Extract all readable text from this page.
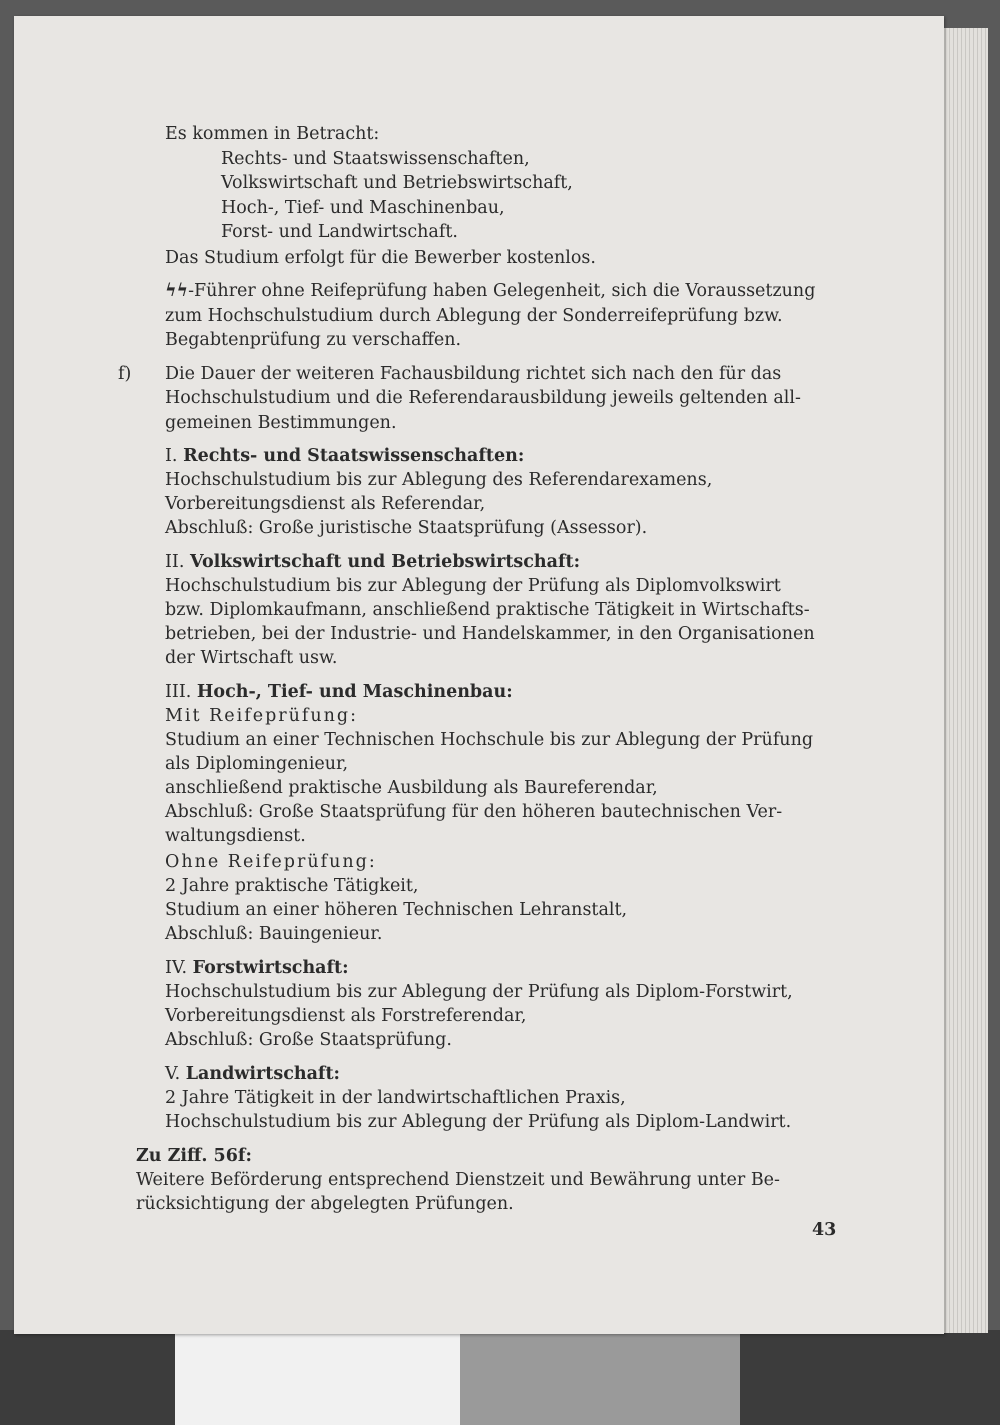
Es kommen in Betracht:
Rechts- und Staatswissenschaften,
Volkswirtschaft und Betriebswirtschaft,
Hoch-, Tief- und Maschinenbau,
Forst- und Landwirtschaft.
Das Studium erfolgt für die Bewerber kostenlos.
ϟϟ-Führer ohne Reifeprüfung haben Gelegenheit, sich die Voraussetzung
zum Hochschulstudium durch Ablegung der Sonderreifeprüfung bzw.
Begabtenprüfung zu verschaffen.
f) Die Dauer der weiteren Fachausbildung richtet sich nach den für das
Hochschulstudium und die Referendarausbildung jeweils geltenden all-
gemeinen Bestimmungen.
I. Rechts- und Staatswissenschaften:
Hochschulstudium bis zur Ablegung des Referendarexamens,
Vorbereitungsdienst als Referendar,
Abschluß: Große juristische Staatsprüfung (Assessor).
II. Volkswirtschaft und Betriebswirtschaft:
Hochschulstudium bis zur Ablegung der Prüfung als Diplomvolkswirt
bzw. Diplomkaufmann, anschließend praktische Tätigkeit in Wirtschafts-
betrieben, bei der Industrie- und Handelskammer, in den Organisationen
der Wirtschaft usw.
III. Hoch-, Tief- und Maschinenbau:
Mit Reifeprüfung:
Studium an einer Technischen Hochschule bis zur Ablegung der Prüfung
als Diplomingenieur,
anschließend praktische Ausbildung als Baureferendar,
Abschluß: Große Staatsprüfung für den höheren bautechnischen Ver-
waltungsdienst.
Ohne Reifeprüfung:
2 Jahre praktische Tätigkeit,
Studium an einer höheren Technischen Lehranstalt,
Abschluß: Bauingenieur.
IV. Forstwirtschaft:
Hochschulstudium bis zur Ablegung der Prüfung als Diplom-Forstwirt,
Vorbereitungsdienst als Forstreferendar,
Abschluß: Große Staatsprüfung.
V. Landwirtschaft:
2 Jahre Tätigkeit in der landwirtschaftlichen Praxis,
Hochschulstudium bis zur Ablegung der Prüfung als Diplom-Landwirt.
Zu Ziff. 56f:
Weitere Beförderung entsprechend Dienstzeit und Bewährung unter Be-
rücksichtigung der abgelegten Prüfungen.
43
